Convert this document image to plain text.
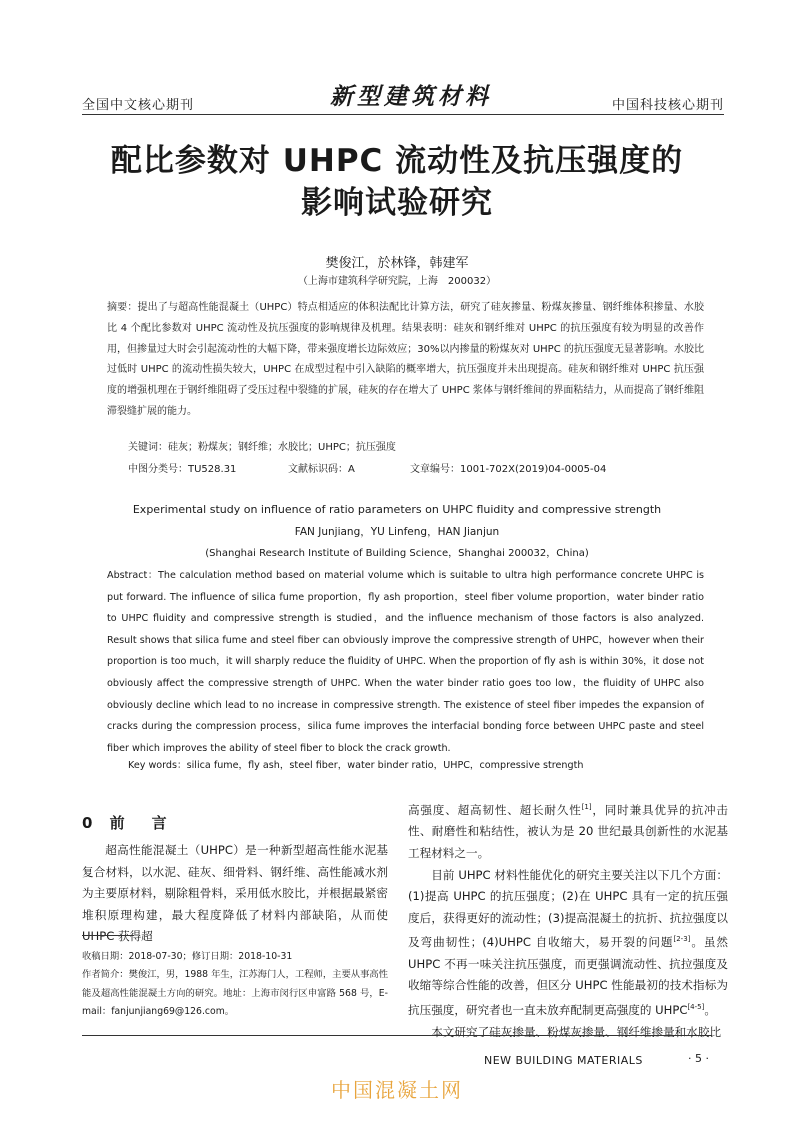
全国中文核心期刊	新型建筑材料	中国科技核心期刊
配比参数对 UHPC 流动性及抗压强度的
影响试验研究
樊俊江，於林锋，韩建军
（上海市建筑科学研究院，上海　200032）
摘要：提出了与超高性能混凝土（UHPC）特点相适应的体积法配比计算方法，研究了硅灰掺量、粉煤灰掺量、钢纤维体积掺量、水胶比 4 个配比参数对 UHPC 流动性及抗压强度的影响规律及机理。结果表明：硅灰和钢纤维对 UHPC 的抗压强度有较为明显的改善作用，但掺量过大时会引起流动性的大幅下降，带来强度增长边际效应；30%以内掺量的粉煤灰对 UHPC 的抗压强度无显著影响。水胶比过低时 UHPC 的流动性损失较大，UHPC 在成型过程中引入缺陷的概率增大，抗压强度并未出现提高。硅灰和钢纤维对 UHPC 抗压强度的增强机理在于钢纤维阻碍了受压过程中裂缝的扩展，硅灰的存在增大了 UHPC 浆体与钢纤维间的界面粘结力，从而提高了钢纤维阻滞裂缝扩展的能力。
关键词：硅灰；粉煤灰；钢纤维；水胶比；UHPC；抗压强度
中图分类号：TU528.31	文献标识码：A	文章编号：1001-702X(2019)04-0005-04
Experimental study on influence of ratio parameters on UHPC fluidity and compressive strength
FAN Junjiang，YU Linfeng，HAN Jianjun
(Shanghai Research Institute of Building Science，Shanghai 200032，China)
Abstract：The calculation method based on material volume which is suitable to ultra high performance concrete UHPC is put forward. The influence of silica fume proportion，fly ash proportion，steel fiber volume proportion，water binder ratio to UHPC fluidity and compressive strength is studied，and the influence mechanism of those factors is also analyzed. Result shows that silica fume and steel fiber can obviously improve the compressive strength of UHPC，however when their proportion is too much，it will sharply reduce the fluidity of UHPC. When the proportion of fly ash is within 30%，it dose not obviously affect the compressive strength of UHPC. When the water binder ratio goes too low，the fluidity of UHPC also obviously decline which lead to no increase in compressive strength. The existence of steel fiber impedes the expansion of cracks during the compression process，silica fume improves the interfacial bonding force between UHPC paste and steel fiber which improves the ability of steel fiber to block the crack growth.
Key words：silica fume，fly ash，steel fiber，water binder ratio，UHPC，compressive strength
0 前　言

超高性能混凝土（UHPC）是一种新型超高性能水泥基复合材料，以水泥、硅灰、细骨料、钢纤维、高性能减水剂为主要原材料，剔除粗骨料，采用低水胶比，并根据最紧密堆积原理构建，最大程度降低了材料内部缺陷，从而使 UHPC 获得超

高强度、超高韧性、超长耐久性[1]，同时兼具优异的抗冲击性、耐磨性和粘结性，被认为是 20 世纪最具创新性的水泥基工程材料之一。

目前 UHPC 材料性能优化的研究主要关注以下几个方面：(1)提高 UHPC 的抗压强度；(2)在 UHPC 具有一定的抗压强度后，获得更好的流动性；(3)提高混凝土的抗折、抗拉强度以及弯曲韧性；(4)UHPC 自收缩大，易开裂的问题[2-3]。虽然 UHPC 不再一味关注抗压强度，而更强调流动性、抗拉强度及收缩等综合性能的改善，但区分 UHPC 性能最初的技术指标为抗压强度，研究者也一直未放弃配制更高强度的 UHPC[4-5]。

本文研究了硅灰掺量、粉煤灰掺量、钢纤维掺量和水胶比

收稿日期：2018-07-30；修订日期：2018-10-31
作者简介：樊俊江，男，1988 年生，江苏海门人，工程师，主要从事高性能及超高性能混凝土方向的研究。地址：上海市闵行区申富路 568 号，E-mail：fanjunjiang69@126.com。
NEW BUILDING MATERIALS	· 5 ·
中国混凝土网
